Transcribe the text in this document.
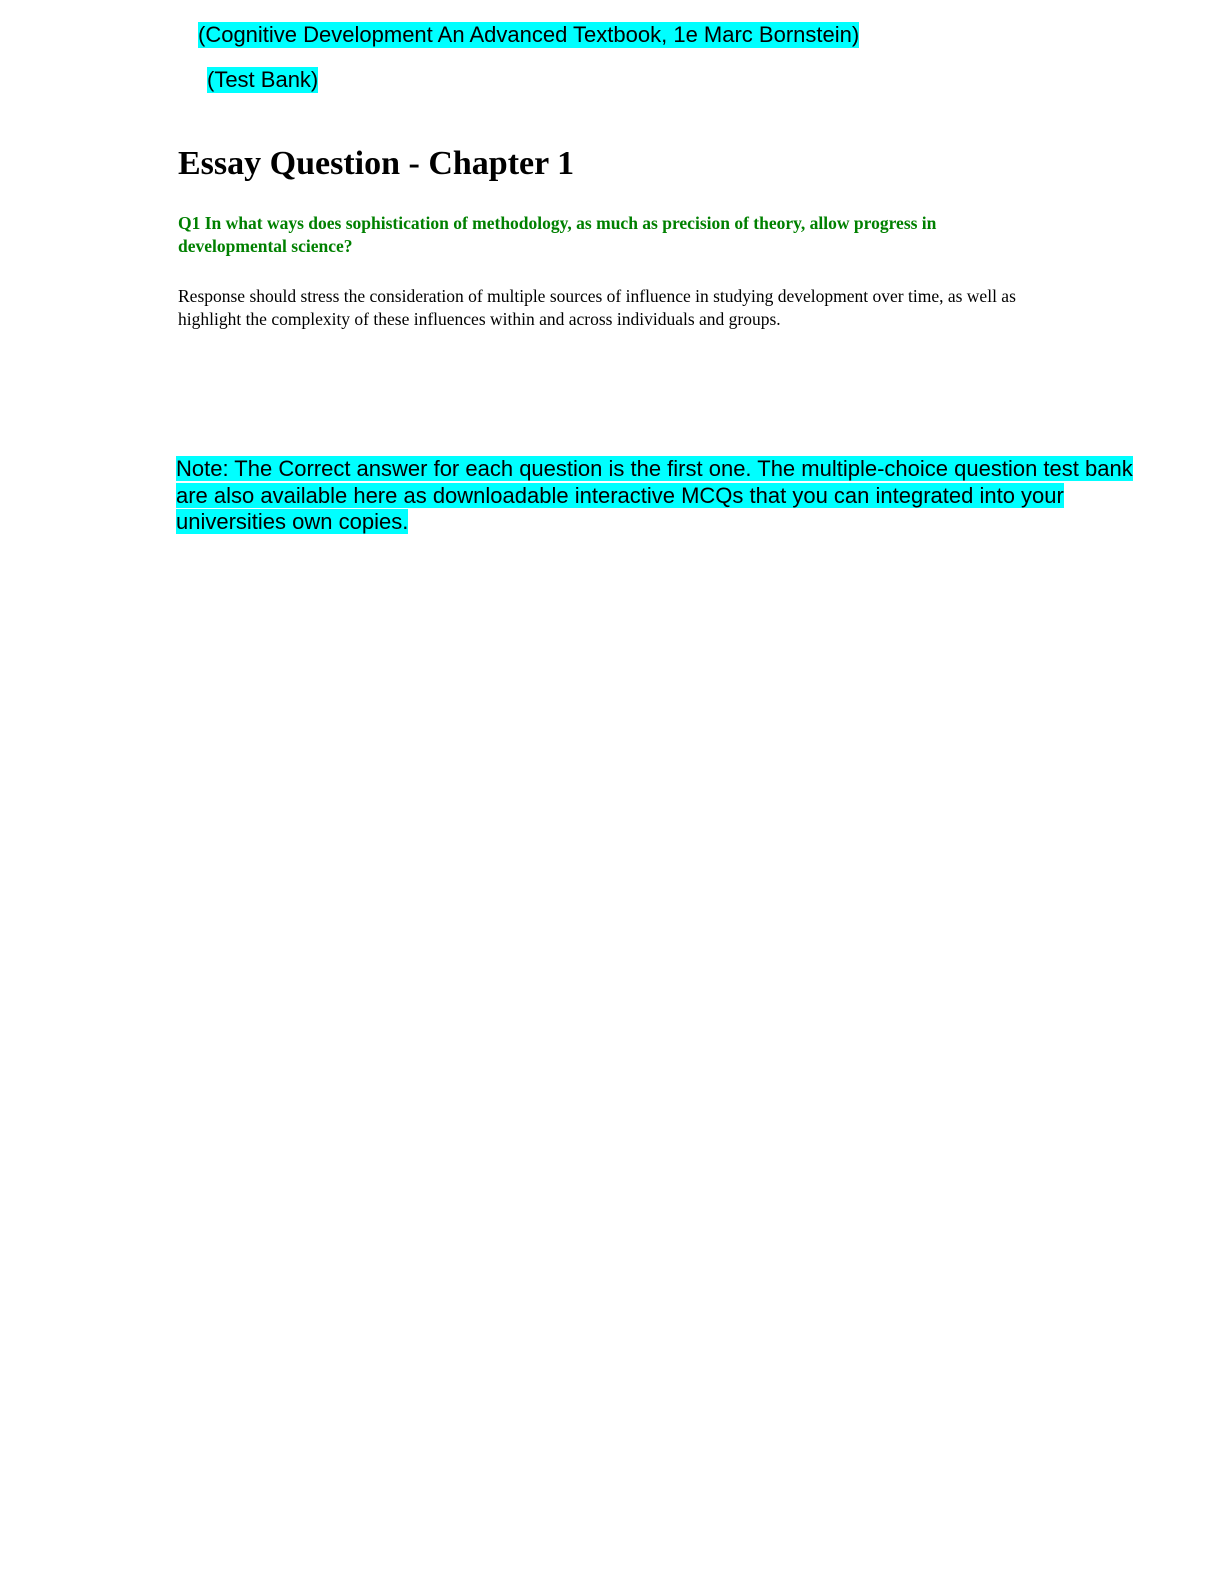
(Cognitive Development An Advanced Textbook, 1e Marc Bornstein)
(Test Bank)
Essay Question - Chapter 1

Q1 In what ways does sophistication of methodology, as much as precision of theory, allow progress in developmental science?

Response should stress the consideration of multiple sources of influence in studying development over time, as well as highlight the complexity of these influences within and across individuals and groups.

Note: The Correct answer for each question is the first one. The multiple-choice question test bank are also available here as downloadable interactive MCQs that you can integrated into your universities own copies.
